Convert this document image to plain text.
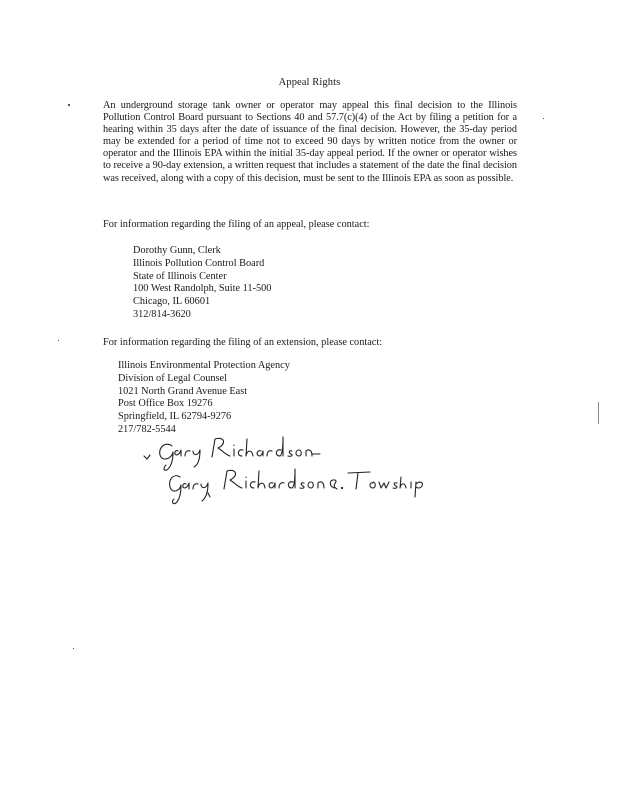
Appeal Rights
An underground storage tank owner or operator may appeal this final decision to the Illinois Pollution Control Board pursuant to Sections 40 and 57.7(c)(4) of the Act by filing a petition for a hearing within 35 days after the date of issuance of the final decision. However, the 35-day period may be extended for a period of time not to exceed 90 days by written notice from the owner or operator and the Illinois EPA within the initial 35-day appeal period. If the owner or operator wishes to receive a 90-day extension, a written request that includes a statement of the date the final decision was received, along with a copy of this decision, must be sent to the Illinois EPA as soon as possible.
For information regarding the filing of an appeal, please contact:
Dorothy Gunn, Clerk
Illinois Pollution Control Board
State of Illinois Center
100 West Randolph, Suite 11-500
Chicago, IL 60601
312/814-3620
For information regarding the filing of an extension, please contact:
Illinois Environmental Protection Agency
Division of Legal Counsel
1021 North Grand Avenue East
Post Office Box 19276
Springfield, IL 62794-9276
217/782-5544
